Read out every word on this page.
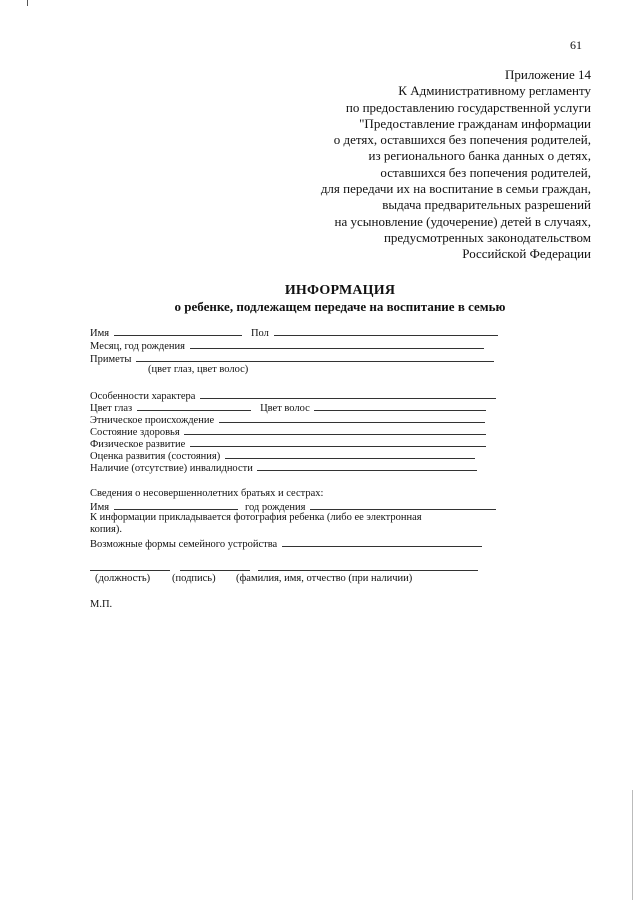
61
Приложение 14
К Административному регламенту
по предоставлению государственной услуги
"Предоставление гражданам информации
о детях, оставшихся без попечения родителей,
из регионального банка данных о детях,
оставшихся без попечения родителей,
для передачи их на воспитание в семьи граждан,
выдача предварительных разрешений
на усыновление (удочерение) детей в случаях,
предусмотренных законодательством
Российской Федерации
ИНФОРМАЦИЯ
о ребенке, подлежащем передаче на воспитание в семью
Имя	Пол
Месяц, год рождения
Приметы
(цвет глаз, цвет волос)
Особенности характера
Цвет глаз	Цвет волос
Этническое происхождение
Состояние здоровья
Физическое развитие
Оценка развития (состояния)
Наличие (отсутствие) инвалидности
Сведения о несовершеннолетних братьях и сестрах:
Имя	год рождения
К информации прикладывается фотография ребенка (либо ее электронная
копия).
Возможные формы семейного устройства
(должность) (подпись) (фамилия, имя, отчество (при наличии)
М.П.
